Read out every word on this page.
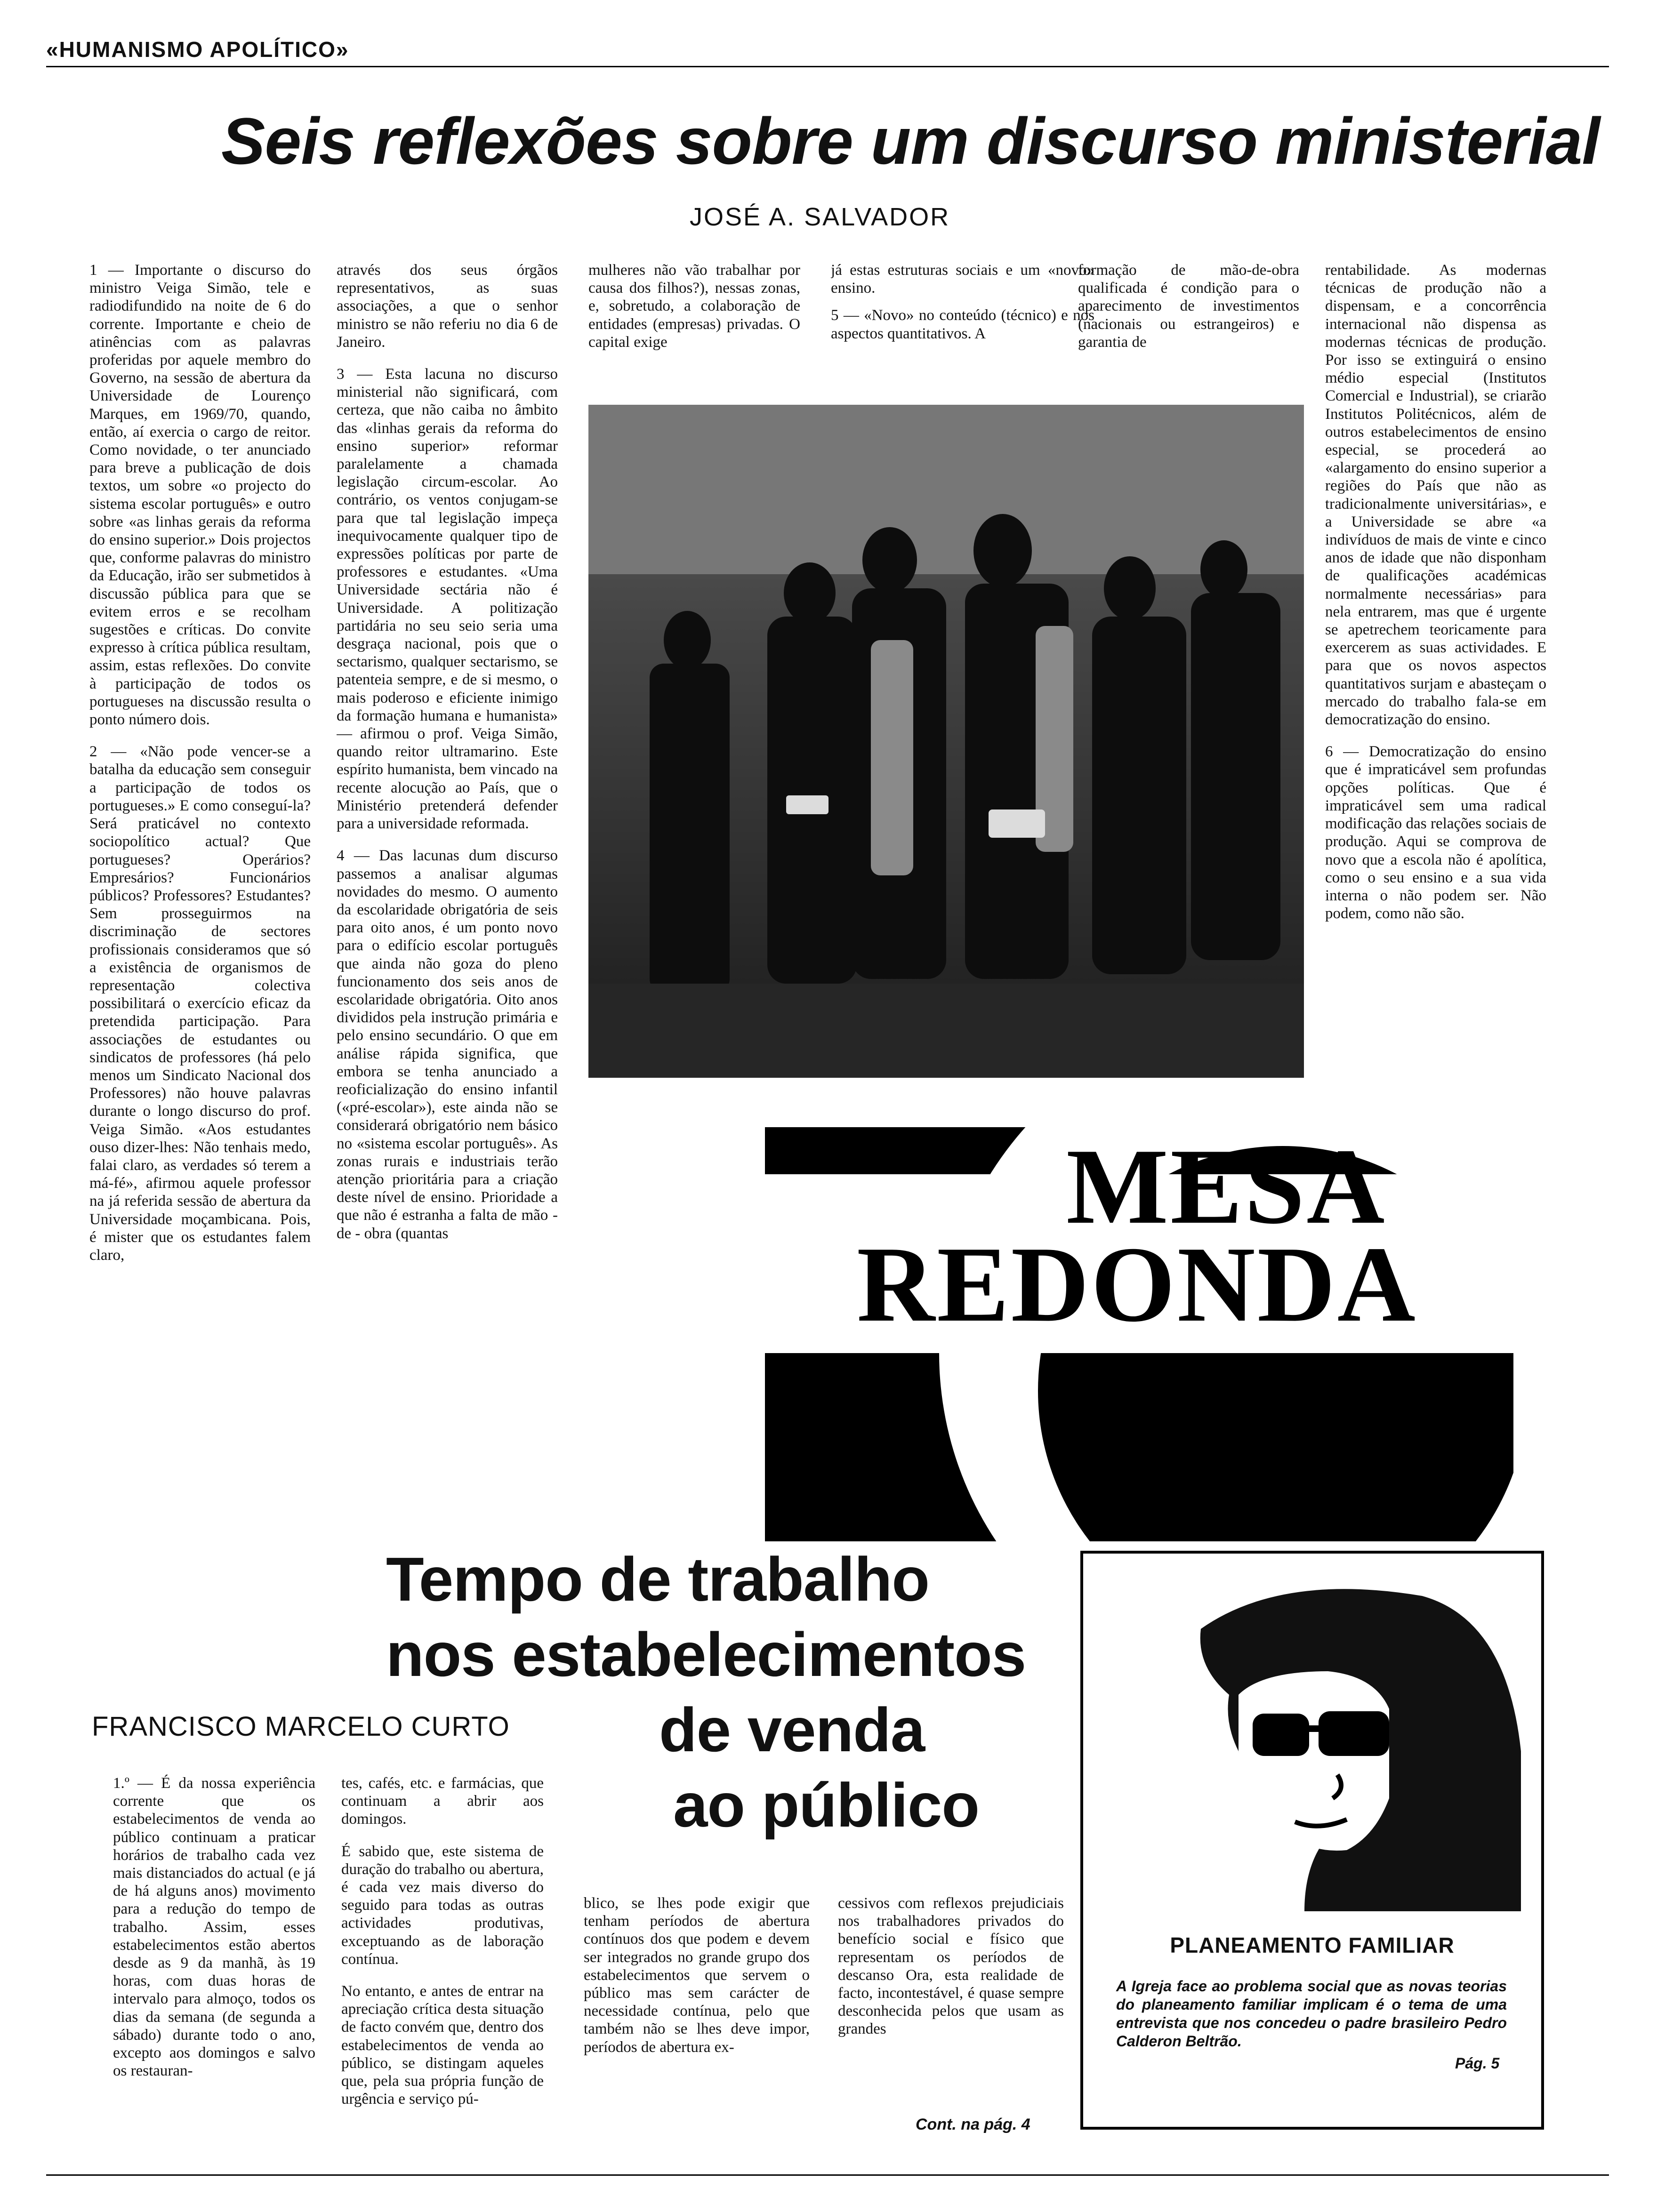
«HUMANISMO APOLÍTICO»
Seis reflexões sobre um discurso ministerial
JOSÉ A. SALVADOR

1 — Importante o discurso do ministro Veiga Simão, tele e radiodifundido na noite de 6 do corrente. Importante e cheio de atinências com as palavras proferidas por aquele membro do Governo, na sessão de abertura da Universidade de Lourenço Marques, em 1969/70, quando, então, aí exercia o cargo de reitor. Como novidade, o ter anunciado para breve a publicação de dois textos, um sobre «o projecto do sistema escolar português» e outro sobre «as linhas gerais da reforma do ensino superior.» Dois projectos que, conforme palavras do ministro da Educação, irão ser submetidos à discussão pública para que se evitem erros e se recolham sugestões e críticas. Do convite expresso à crítica pública resultam, assim, estas reflexões. Do convite à participação de todos os portugueses na discussão resulta o ponto número dois.

2 — «Não pode vencer-se a batalha da educação sem conseguir a participação de todos os portugueses.» E como conseguí-la? Será praticável no contexto sociopolítico actual? Que portugueses? Operários? Empresários? Funcionários públicos? Professores? Estudantes? Sem prosseguirmos na discriminação de sectores profissionais consideramos que só a existência de organismos de representação colectiva possibilitará o exercício eficaz da pretendida participação. Para associações de estudantes ou sindicatos de professores (há pelo menos um Sindicato Nacional dos Professores) não houve palavras durante o longo discurso do prof. Veiga Simão. «Aos estudantes ouso dizer-lhes: Não tenhais medo, falai claro, as verdades só terem a má-fé», afirmou aquele professor na já referida sessão de abertura da Universidade moçambicana. Pois, é mister que os estudantes falem claro,

através dos seus órgãos representativos, as suas associações, a que o senhor ministro se não referiu no dia 6 de Janeiro.

3 — Esta lacuna no discurso ministerial não significará, com certeza, que não caiba no âmbito das «linhas gerais da reforma do ensino superior» reformar paralelamente a chamada legislação circum-escolar. Ao contrário, os ventos conjugam-se para que tal legislação impeça inequivocamente qualquer tipo de expressões políticas por parte de professores e estudantes. «Uma Universidade sectária não é Universidade. A politização partidária no seu seio seria uma desgraça nacional, pois que o sectarismo, qualquer sectarismo, se patenteia sempre, e de si mesmo, o mais poderoso e eficiente inimigo da formação humana e humanista» — afirmou o prof. Veiga Simão, quando reitor ultramarino. Este espírito humanista, bem vincado na recente alocução ao País, que o Ministério pretenderá defender para a universidade reformada.

4 — Das lacunas dum discurso passemos a analisar algumas novidades do mesmo. O aumento da escolaridade obrigatória de seis para oito anos, é um ponto novo para o edifício escolar português que ainda não goza do pleno funcionamento dos seis anos de escolaridade obrigatória. Oito anos divididos pela instrução primária e pelo ensino secundário. O que em análise rápida significa, que embora se tenha anunciado a reoficialização do ensino infantil («pré-escolar»), este ainda não se considerará obrigatório nem básico no «sistema escolar português». As zonas rurais e industriais terão atenção prioritária para a criação deste nível de ensino. Prioridade a que não é estranha a falta de mão - de - obra (quantas

mulheres não vão trabalhar por causa dos filhos?), nessas zonas, e, sobretudo, a colaboração de entidades (empresas) privadas. O capital exige

já estas estruturas sociais e um «novo» ensino.

5 — «Novo» no conteúdo (técnico) e nos aspectos quantitativos. A

formação de mão-de-obra qualificada é condição para o aparecimento de investimentos (nacionais ou estrangeiros) e garantia de

rentabilidade. As modernas técnicas de produção não a dispensam, e a concorrência internacional não dispensa as modernas técnicas de produção. Por isso se extinguirá o ensino médio especial (Institutos Comercial e Industrial), se criarão Institutos Politécnicos, além de outros estabelecimentos de ensino especial, se procederá ao «alargamento do ensino superior a regiões do País que não as tradicionalmente universitárias», e a Universidade se abre «a indivíduos de mais de vinte e cinco anos de idade que não disponham de qualificações académicas normalmente necessárias» para nela entrarem, mas que é urgente se apetrechem teoricamente para exercerem as suas actividades. E para que os novos aspectos quantitativos surjam e abasteçam o mercado do trabalho fala-se em democratização do ensino.

6 — Democratização do ensino que é impraticável sem profundas opções políticas. Que é impraticável sem uma radical modificação das relações sociais de produção. Aqui se comprova de novo que a escola não é apolítica, como o seu ensino e a sua vida interna o não podem ser. Não podem, como não são.

MESA
REDONDA
Tempo de trabalho
nos estabelecimentos
de venda
ao público
FRANCISCO MARCELO CURTO

1.º — É da nossa experiência corrente que os estabelecimentos de venda ao público continuam a praticar horários de trabalho cada vez mais distanciados do actual (e já de há alguns anos) movimento para a redução do tempo de trabalho. Assim, esses estabelecimentos estão abertos desde as 9 da manhã, às 19 horas, com duas horas de intervalo para almoço, todos os dias da semana (de segunda a sábado) durante todo o ano, excepto aos domingos e salvo os restauran-

tes, cafés, etc. e farmácias, que continuam a abrir aos domingos.

É sabido que, este sistema de duração do trabalho ou abertura, é cada vez mais diverso do seguido para todas as outras actividades produtivas, exceptuando as de laboração contínua.

No entanto, e antes de entrar na apreciação crítica desta situação de facto convém que, dentro dos estabelecimentos de venda ao público, se distingam aqueles que, pela sua própria função de urgência e serviço pú-

blico, se lhes pode exigir que tenham períodos de abertura contínuos dos que podem e devem ser integrados no grande grupo dos estabelecimentos que servem o público mas sem carácter de necessidade contínua, pelo que também não se lhes deve impor, períodos de abertura ex-

cessivos com reflexos prejudiciais nos trabalhadores privados do benefício social e físico que representam os períodos de descanso Ora, esta realidade de facto, incontestável, é quase sempre desconhecida pelos que usam as grandes

Cont. na pág. 4
PLANEAMENTO FAMILIAR
A Igreja face ao problema social que as novas teorias do planeamento familiar implicam é o tema de uma entrevista que nos concedeu o padre brasileiro Pedro Calderon Beltrão.
Pág. 5
